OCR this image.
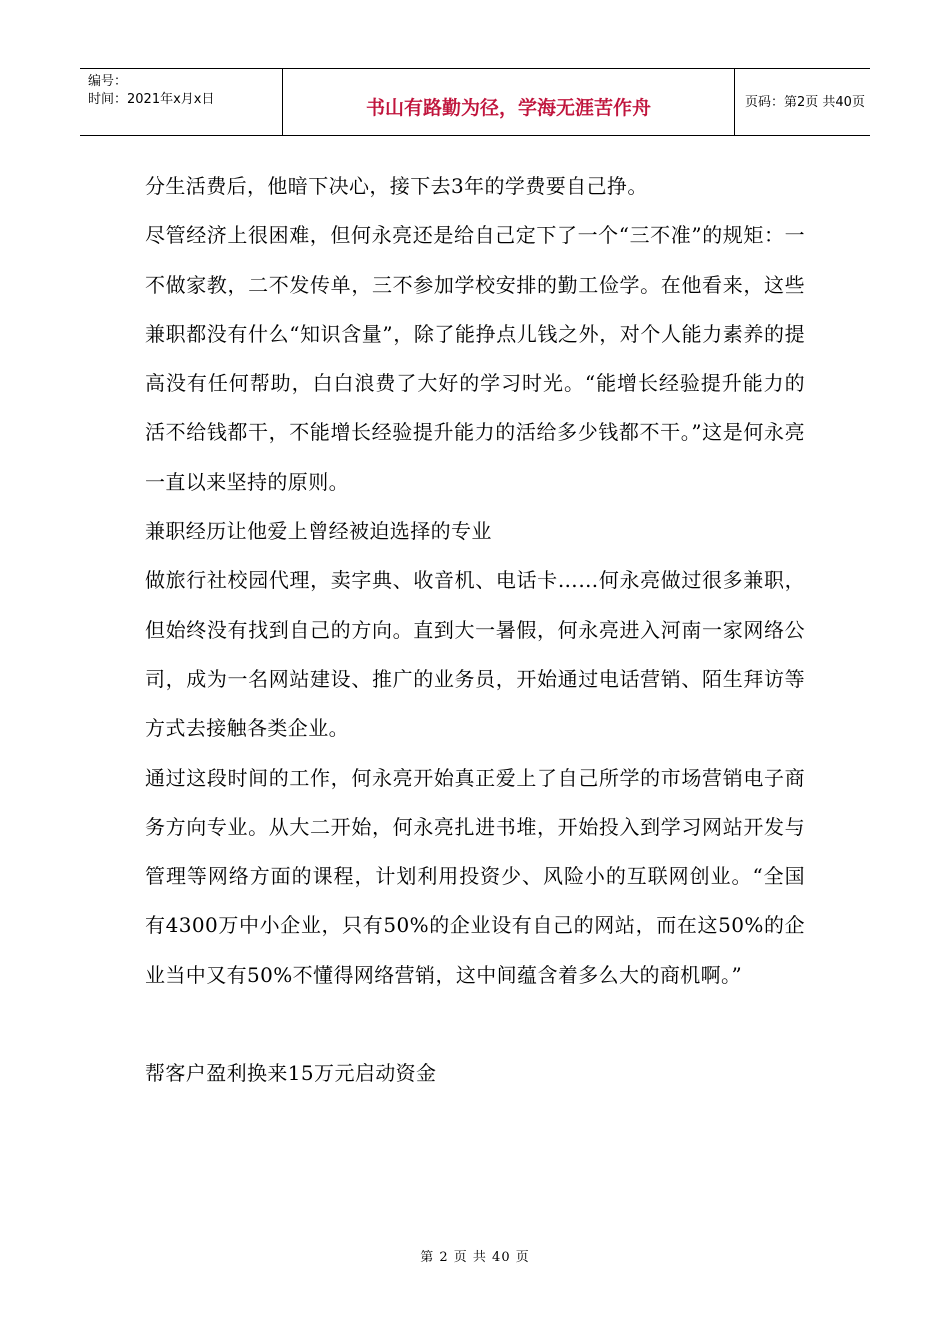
编号：
时间：2021年x月x日	书山有路勤为径，学海无涯苦作舟	页码：第2页 共40页

分生活费后，他暗下决心，接下去3年的学费要自己挣。

尽管经济上很困难，但何永亮还是给自己定下了一个“三不准”的规矩：一不做家教，二不发传单，三不参加学校安排的勤工俭学。在他看来，这些兼职都没有什么“知识含量”，除了能挣点儿钱之外，对个人能力素养的提高没有任何帮助，白白浪费了大好的学习时光。“能增长经验提升能力的活不给钱都干，不能增长经验提升能力的活给多少钱都不干。”这是何永亮一直以来坚持的原则。

兼职经历让他爱上曾经被迫选择的专业

做旅行社校园代理，卖字典、收音机、电话卡……何永亮做过很多兼职，但始终没有找到自己的方向。直到大一暑假，何永亮进入河南一家网络公司，成为一名网站建设、推广的业务员，开始通过电话营销、陌生拜访等方式去接触各类企业。

通过这段时间的工作，何永亮开始真正爱上了自己所学的市场营销电子商务方向专业。从大二开始，何永亮扎进书堆，开始投入到学习网站开发与管理等网络方面的课程，计划利用投资少、风险小的互联网创业。“全国有4300万中小企业，只有50%的企业设有自己的网站，而在这50%的企业当中又有50%不懂得网络营销，这中间蕴含着多么大的商机啊。”

帮客户盈利换来15万元启动资金

第 2 页 共 40 页
